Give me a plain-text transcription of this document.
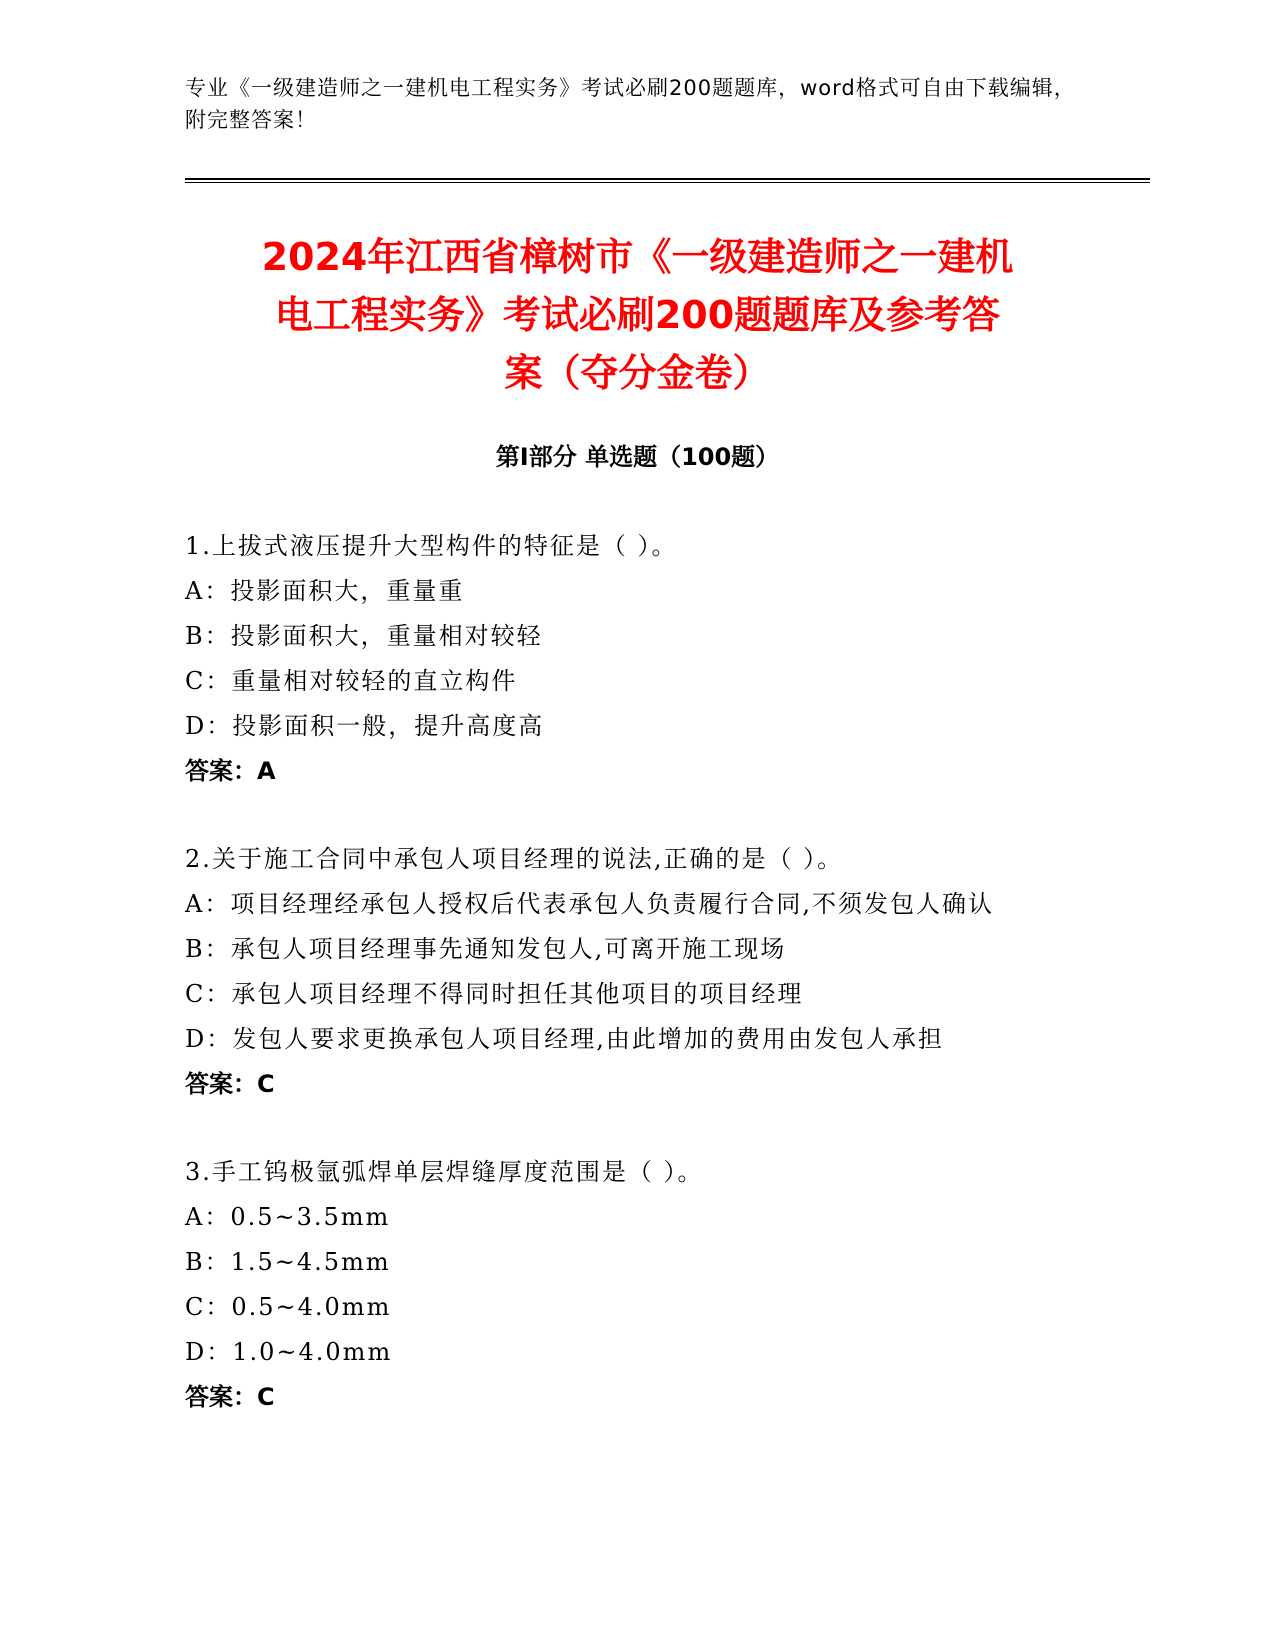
专业《一级建造师之一建机电工程实务》考试必刷200题题库，word格式可自由下载编辑，附完整答案！
2024年江西省樟树市《一级建造师之一建机
电工程实务》考试必刷200题题库及参考答
案（夺分金卷）
第I部分 单选题（100题）
1.上拔式液压提升大型构件的特征是（ ）。
A：投影面积大，重量重
B：投影面积大，重量相对较轻
C：重量相对较轻的直立构件
D：投影面积一般，提升高度高
答案：A
2.关于施工合同中承包人项目经理的说法,正确的是（ ）。
A：项目经理经承包人授权后代表承包人负责履行合同,不须发包人确认
B：承包人项目经理事先通知发包人,可离开施工现场
C：承包人项目经理不得同时担任其他项目的项目经理
D：发包人要求更换承包人项目经理,由此增加的费用由发包人承担
答案：C
3.手工钨极氩弧焊单层焊缝厚度范围是（ ）。
A：0.5~3.5mm
B：1.5~4.5mm
C：0.5~4.0mm
D：1.0~4.0mm
答案：C
